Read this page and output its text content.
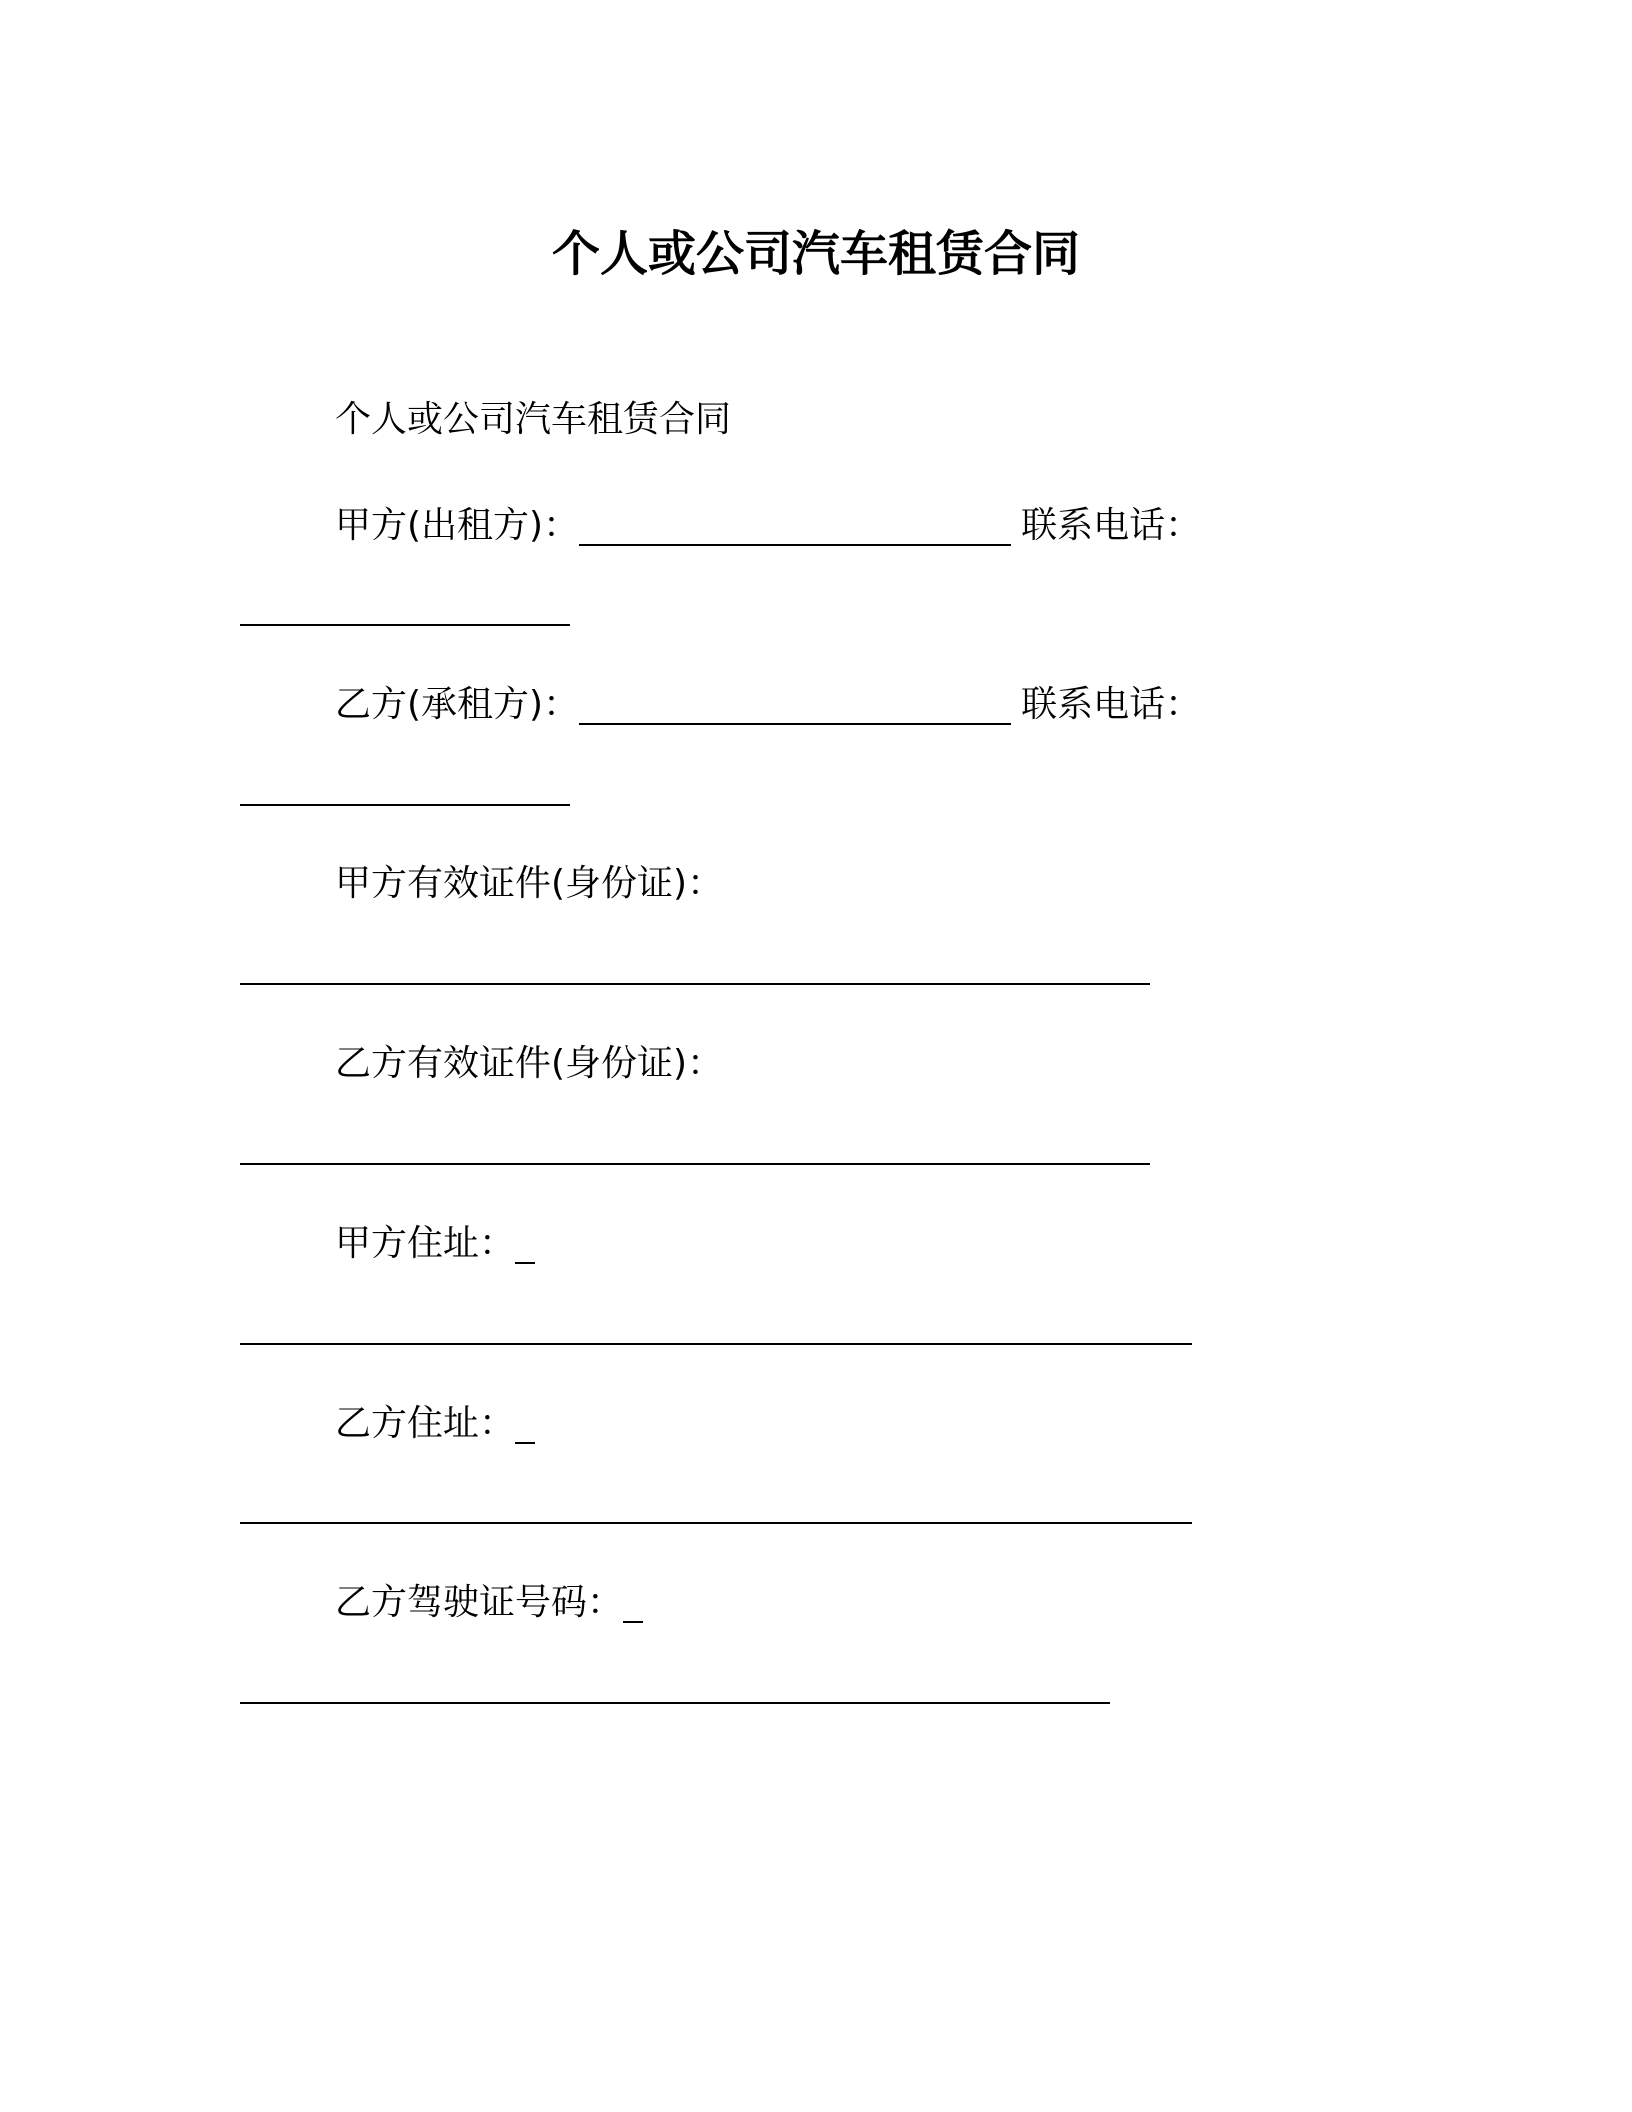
个人或公司汽车租赁合同
个人或公司汽车租赁合同
甲方(出租方)：	联系电话：
乙方(承租方)：	联系电话：
甲方有效证件(身份证)：
乙方有效证件(身份证)：
甲方住址：
乙方住址：
乙方驾驶证号码：
